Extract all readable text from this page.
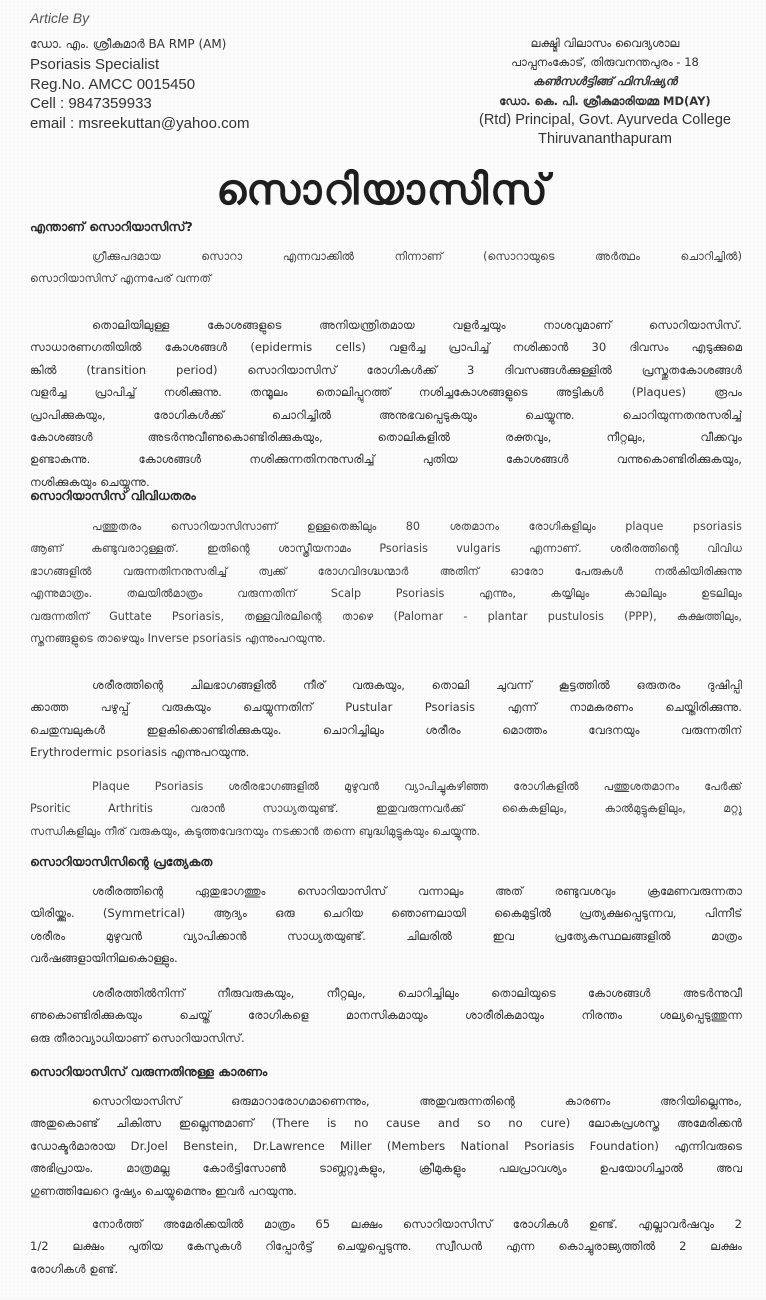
Article By
ഡോ. എം. ശ്രീകുമാർ BA RMP (AM)
Psoriasis Specialist
Reg.No. AMCC 0015450
Cell : 9847359933
email : msreekuttan@yahoo.com
ലക്ഷ്മി വിലാസം വൈദ്യശാല
പാപ്പനംകോട്, തിരുവനന്തപുരം - 18
കൺസൾട്ടിങ്ങ് ഫിസിഷ്യൻ
ഡോ. കെ. പി. ശ്രീകുമാരിയമ്മ MD(AY)
(Rtd) Principal, Govt. Ayurveda College
Thiruvananthapuram
സൊറിയാസിസ്
എന്താണ് സൊറിയാസിസ്?
ഗ്രീക്കുപദമായ സൊറാ എന്നവാക്കിൽ നിന്നാണ് (സൊറായുടെ അർത്ഥം ചൊറിച്ചിൽ)
സൊറിയാസിസ് എന്നപേര് വന്നത്
തൊലിയിലുള്ള കോശങ്ങളുടെ അനിയന്ത്രിതമായ വളർച്ചയും നാശവുമാണ് സൊറിയാസിസ്.
സാധാരണഗതിയിൽ കോശങ്ങൾ (epidermis cells) വളർച്ച പ്രാപിച്ച് നശിക്കാൻ 30 ദിവസം എടുക്കുമെ
ങ്കിൽ (transition period) സൊറിയാസിസ് രോഗികൾക്ക് 3 ദിവസങ്ങൾക്കുള്ളിൽ പ്രസ്തുതകോശങ്ങൾ
വളർച്ച പ്രാപിച്ച് നശിക്കുന്നു. തന്മൂലം തൊലിപ്പുറത്ത് നശിച്ചകോശങ്ങളുടെ അട്ടികൾ (Plaques) രൂപം
പ്രാപിക്കുകയും, രോഗികൾക്ക് ചൊറിച്ചിൽ അനുഭവപ്പെടുകയും ചെയ്യുന്നു. ചൊറിയുന്നതനുസരിച്ച്
കോശങ്ങൾ അടർന്നുവീണുകൊണ്ടിരിക്കുകയും, തൊലികളിൽ രക്തവും, നീറ്റലും, വീക്കവും
ഉണ്ടാകുന്നു. കോശങ്ങൾ നശിക്കുന്നതിനനുസരിച്ച് പുതിയ കോശങ്ങൾ വന്നുകൊണ്ടിരിക്കുകയും,
നശിക്കുകയും ചെയ്യുന്നു.
സൊറിയാസിസ് വിവിധതരം
പത്തുതരം സൊറിയാസിസാണ് ഉള്ളതെങ്കിലും 80 ശതമാനം രോഗികളിലും plaque psoriasis
ആണ് കണ്ടുവരാറുള്ളത്. ഇതിന്റെ ശാസ്ത്രീയനാമം Psoriasis vulgaris എന്നാണ്. ശരീരത്തിന്റെ വിവിധ
ഭാഗങ്ങളിൽ വരുന്നതിനനുസരിച്ച് ത്വക്ക് രോഗവിദഗ്ദ്ധന്മാർ അതിന് ഓരോ പേരുകൾ നൽകിയിരിക്കുന്നു
എന്നുമാത്രം. തലയിൽമാത്രം വരുന്നതിന് Scalp Psoriasis എന്നും, കയ്യിലും കാലിലും ഉടലിലും
വരുന്നതിന് Guttate Psoriasis, തള്ളവിരലിന്റെ താഴെ (Palomar - plantar pustulosis (PPP), കക്ഷത്തിലും,
സ്തനങ്ങളുടെ താഴെയും Inverse psoriasis എന്നുംപറയുന്നു.
ശരീരത്തിന്റെ ചിലഭാഗങ്ങളിൽ നീര് വരുകയും, തൊലി ചുവന്ന് കൂട്ടത്തിൽ ഒരുതരം ദുഷിപ്പി
ക്കാത്ത പഴുപ്പ് വരുകയും ചെയ്യുന്നതിന് Pustular Psoriasis എന്ന് നാമകരണം ചെയ്തിരിക്കുന്നു.
ചെതുമ്പലുകൾ ഇളകിക്കൊണ്ടിരിക്കുകയും. ചൊറിച്ചിലും ശരീരം മൊത്തം വേദനയും വരുന്നതിന്
Erythrodermic psoriasis എന്നുപറയുന്നു.
Plaque Psoriasis ശരീരഭാഗങ്ങളിൽ മുഴുവൻ വ്യാപിച്ചുകഴിഞ്ഞ രോഗികളിൽ പത്തുശതമാനം പേർക്ക്
Psoritic Arthritis വരാൻ സാധ്യതയുണ്ട്. ഇതുവരുന്നവർക്ക് കൈകളിലും, കാൽമുട്ടുകളിലും, മറ്റു
സന്ധികളിലും നീര് വരുകയും, കടുത്തവേദനയും നടക്കാൻ തന്നെ ബുദ്ധിമുട്ടുകയും ചെയ്യുന്നു.
സൊറിയാസിസിന്റെ പ്രത്യേകത
ശരീരത്തിന്റെ ഏതുഭാഗത്തും സൊറിയാസിസ് വന്നാലും അത് രണ്ടുവശവും ക്രമേണവരുന്നതാ
യിരിയ്ക്കും. (Symmetrical) ആദ്യം ഒരു ചെറിയ ഞൊണലായി കൈമുട്ടിൽ പ്രത്യക്ഷപ്പെടുന്നവ, പിന്നീട്
ശരീരം മുഴുവൻ വ്യാപിക്കാൻ സാധ്യതയുണ്ട്. ചിലരിൽ ഇവ പ്രത്യേകസ്ഥലങ്ങളിൽ മാത്രം
വർഷങ്ങളായിനിലകൊള്ളും.
ശരീരത്തിൽനിന്ന് നീരുവരുകയും, നീറ്റലും, ചൊറിച്ചിലും തൊലിയുടെ കോശങ്ങൾ അടർന്നുവീ
ണുകൊണ്ടിരിക്കുകയും ചെയ്ത് രോഗികളെ മാനസികമായും ശാരീരികമായും നിരന്തം ശല്യപ്പെടുത്തുന്ന
ഒരു തീരാവ്യാധിയാണ് സൊറിയാസിസ്.
സൊറിയാസിസ് വരുന്നതിനുള്ള കാരണം
സൊറിയാസിസ് ഒരുമാറാരോഗമാണെന്നും, അതുവരുന്നതിന്റെ കാരണം അറിയില്ലെന്നും,
അതുകൊണ്ട് ചികിത്സ ഇല്ലെന്നുമാണ് (There is no cause and so no cure) ലോകപ്രശസ്ത അമേരിക്കൻ
ഡോക്ടർമാരായ Dr.Joel Benstein, Dr.Lawrence Miller (Members National Psoriasis Foundation) എന്നിവരുടെ
അഭിപ്രായം. മാത്രമല്ല കോർട്ടിസോൺ ടാബ്ലറ്റുകളും, ക്രീമുകളും പലപ്രാവശ്യം ഉപയോഗിച്ചാൽ അവ
ഗുണത്തിലേറെ ദൂഷ്യം ചെയ്യുമെന്നും ഇവർ പറയുന്നു.
നോർത്ത് അമേരിക്കയിൽ മാത്രം 65 ലക്ഷം സൊറിയാസിസ് രോഗികൾ ഉണ്ട്. എല്ലാവർഷവും 2
1/2 ലക്ഷം പുതിയ കേസുകൾ റിപ്പോർട്ട് ചെയ്യപ്പെടുന്നു. സ്വീഡൻ എന്ന കൊച്ചുരാജ്യത്തിൽ 2 ലക്ഷം
രോഗികൾ ഉണ്ട്.
